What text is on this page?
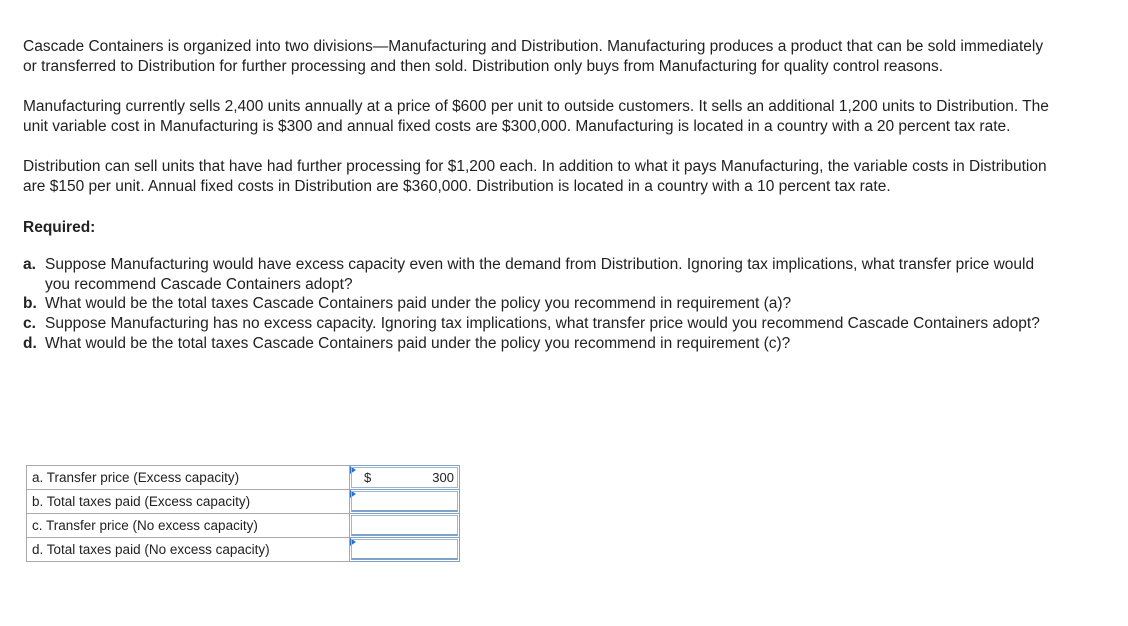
Cascade Containers is organized into two divisions—Manufacturing and Distribution. Manufacturing produces a product that can be sold immediately or transferred to Distribution for further processing and then sold. Distribution only buys from Manufacturing for quality control reasons.

Manufacturing currently sells 2,400 units annually at a price of $600 per unit to outside customers. It sells an additional 1,200 units to Distribution. The unit variable cost in Manufacturing is $300 and annual fixed costs are $300,000. Manufacturing is located in a country with a 20 percent tax rate.

Distribution can sell units that have had further processing for $1,200 each. In addition to what it pays Manufacturing, the variable costs in Distribution are $150 per unit. Annual fixed costs in Distribution are $360,000. Distribution is located in a country with a 10 percent tax rate.

Required:
a. Suppose Manufacturing would have excess capacity even with the demand from Distribution. Ignoring tax implications, what transfer price would you recommend Cascade Containers adopt?
b. What would be the total taxes Cascade Containers paid under the policy you recommend in requirement (a)?
c. Suppose Manufacturing has no excess capacity. Ignoring tax implications, what transfer price would you recommend Cascade Containers adopt?
d. What would be the total taxes Cascade Containers paid under the policy you recommend in requirement (c)?
a. Transfer price (Excess capacity)	$ 300

b. Total taxes paid (Excess capacity)	

c. Transfer price (No excess capacity)	

d. Total taxes paid (No excess capacity)	
